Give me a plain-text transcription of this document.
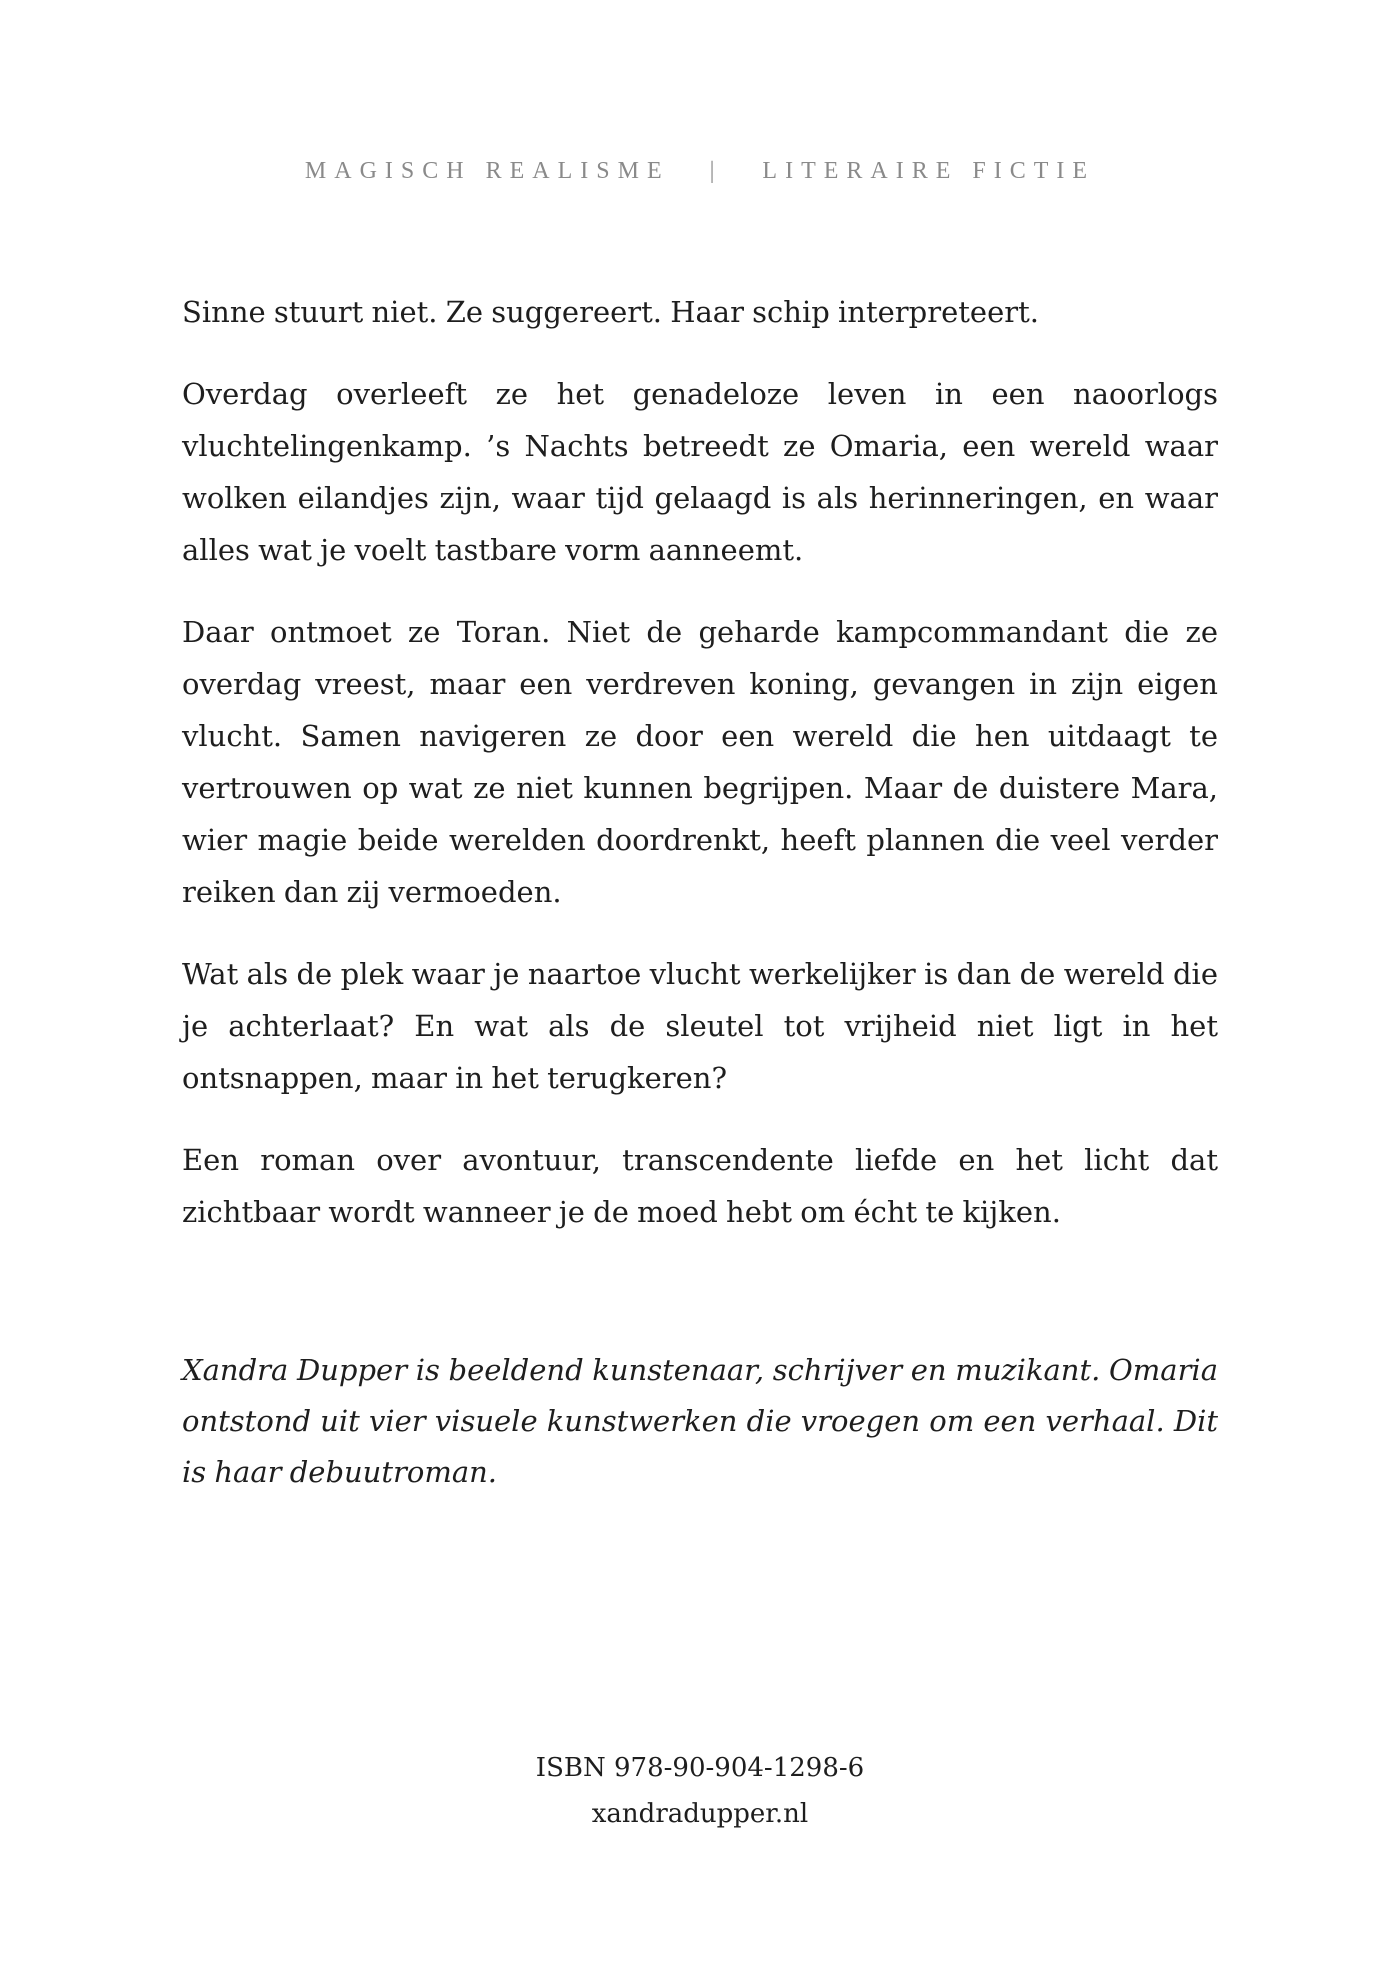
MAGISCH REALISME | LITERAIRE FICTIE

Sinne stuurt niet. Ze suggereert. Haar schip interpreteert.

Overdag overleeft ze het genadeloze leven in een naoorlogs vluchtelingenkamp. ’s Nachts betreedt ze Omaria, een wereld waar wolken eilandjes zijn, waar tijd gelaagd is als herinneringen, en waar alles wat je voelt tastbare vorm aanneemt.

Daar ontmoet ze Toran. Niet de geharde kampcommandant die ze overdag vreest, maar een verdreven koning, gevangen in zijn eigen vlucht. Samen navigeren ze door een wereld die hen uitdaagt te vertrouwen op wat ze niet kunnen begrijpen. Maar de duistere Mara, wier magie beide werelden doordrenkt, heeft plannen die veel verder reiken dan zij vermoeden.

Wat als de plek waar je naartoe vlucht werkelijker is dan de wereld die je achterlaat? En wat als de sleutel tot vrijheid niet ligt in het ontsnappen, maar in het terugkeren?

Een roman over avontuur, transcendente liefde en het licht dat zichtbaar wordt wanneer je de moed hebt om écht te kijken.

Xandra Dupper is beeldend kunstenaar, schrijver en muzikant. Omaria ontstond uit vier visuele kunstwerken die vroegen om een verhaal. Dit is haar debuutroman.

ISBN 978-90-904-1298-6
xandradupper.nl
